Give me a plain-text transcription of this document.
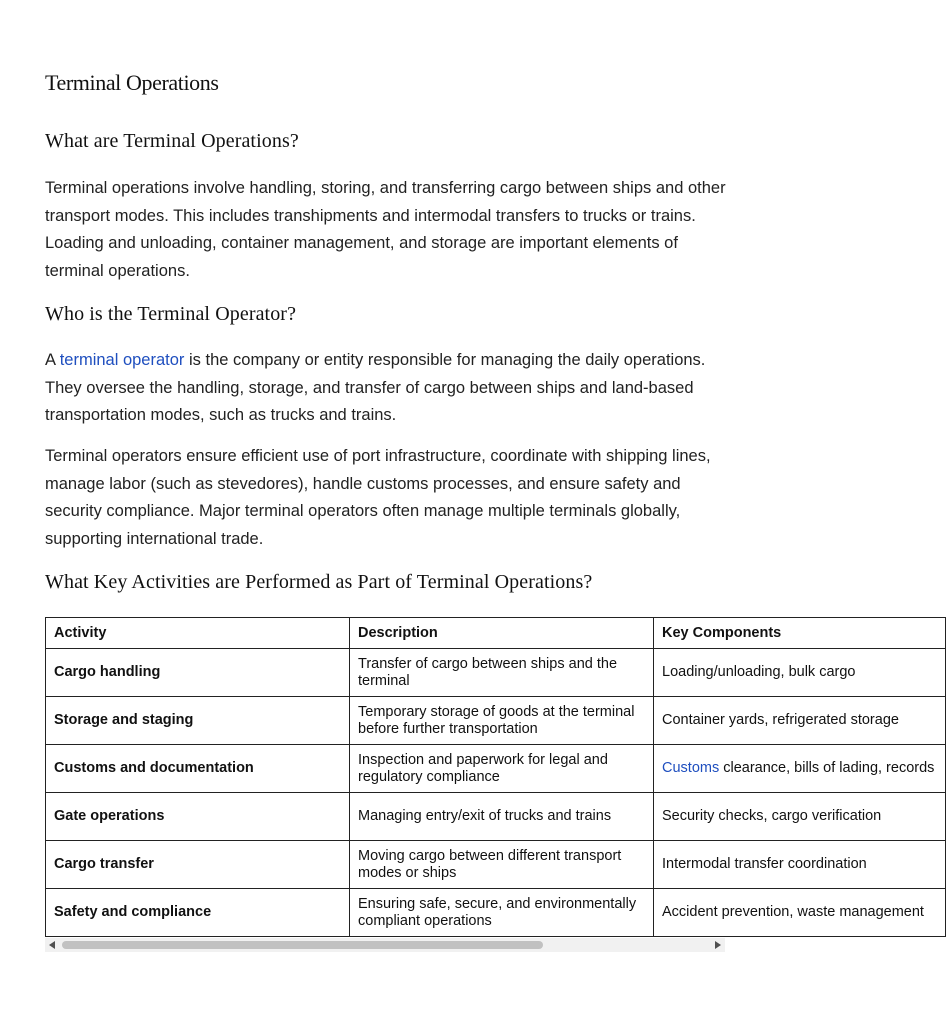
Terminal Operations
What are Terminal Operations?

Terminal operations involve handling, storing, and transferring cargo between ships and other transport modes. This includes transhipments and intermodal transfers to trucks or trains. Loading and unloading, container management, and storage are important elements of terminal operations.

Who is the Terminal Operator?

A terminal operator is the company or entity responsible for managing the daily operations. They oversee the handling, storage, and transfer of cargo between ships and land-based transportation modes, such as trucks and trains.

Terminal operators ensure efficient use of port infrastructure, coordinate with shipping lines, manage labor (such as stevedores), handle customs processes, and ensure safety and security compliance. Major terminal operators often manage multiple terminals globally, supporting international trade.

What Key Activities are Performed as Part of Terminal Operations?
Activity	Description	Key Components
Cargo handling	Transfer of cargo between ships and the terminal	Loading/unloading, bulk cargo
Storage and staging	Temporary storage of goods at the terminal before further transportation	Container yards, refrigerated storage
Customs and documentation	Inspection and paperwork for legal and regulatory compliance	Customs clearance, bills of lading, records
Gate operations	Managing entry/exit of trucks and trains	Security checks, cargo verification
Cargo transfer	Moving cargo between different transport modes or ships	Intermodal transfer coordination
Safety and compliance	Ensuring safe, secure, and environmentally compliant operations	Accident prevention, waste management
